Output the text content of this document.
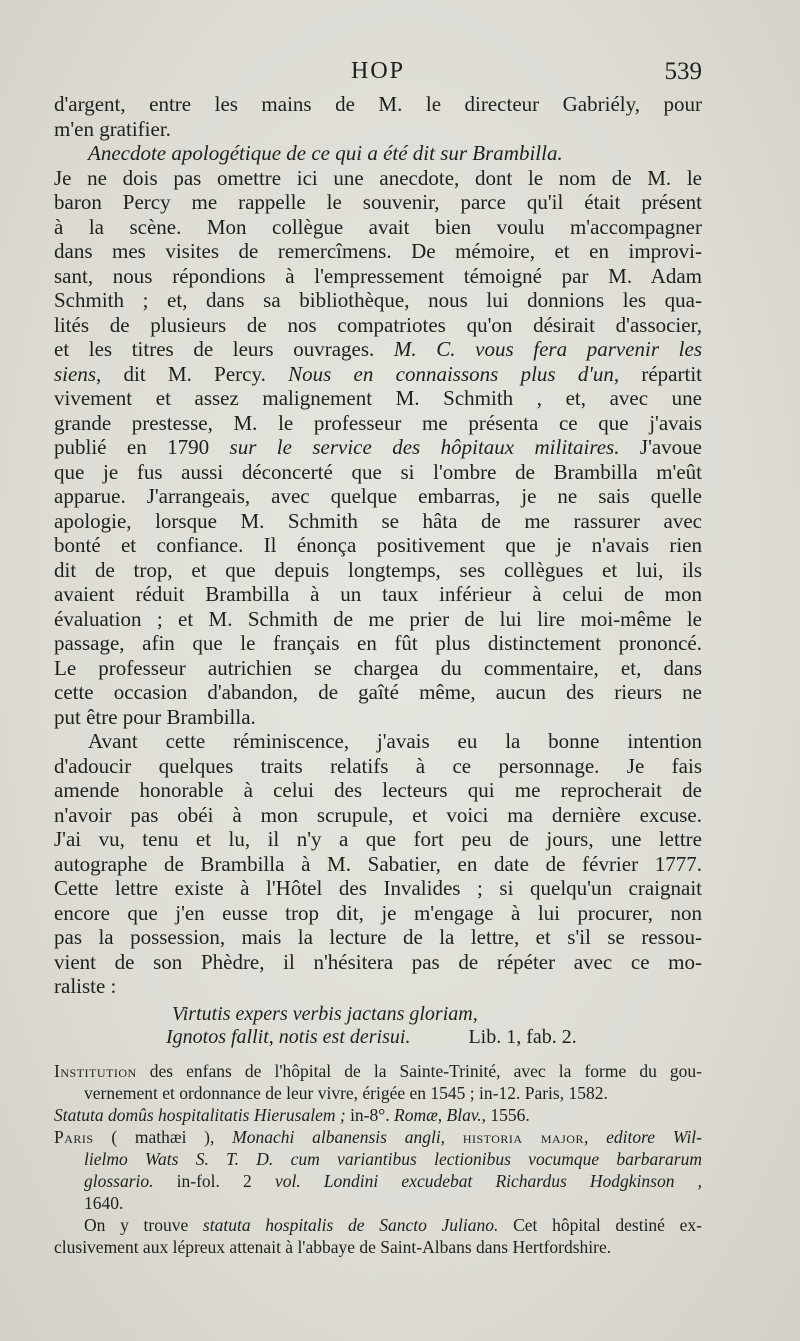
HOP	539
d'argent, entre les mains de M. le directeur Gabriély, pour
m'en gratifier.
Anecdote apologétique de ce qui a été dit sur Brambilla.
Je ne dois pas omettre ici une anecdote, dont le nom de M. le
baron Percy me rappelle le souvenir, parce qu'il était présent
à la scène. Mon collègue avait bien voulu m'accompagner
dans mes visites de remercîmens. De mémoire, et en improvi-
sant, nous répondions à l'empressement témoigné par M. Adam
Schmith ; et, dans sa bibliothèque, nous lui donnions les qua-
lités de plusieurs de nos compatriotes qu'on désirait d'associer,
et les titres de leurs ouvrages. M. C. vous fera parvenir les
siens, dit M. Percy. Nous en connaissons plus d'un, répartit
vivement et assez malignement M. Schmith , et, avec une
grande prestesse, M. le professeur me présenta ce que j'avais
publié en 1790 sur le service des hôpitaux militaires. J'avoue
que je fus aussi déconcerté que si l'ombre de Brambilla m'eût
apparue. J'arrangeais, avec quelque embarras, je ne sais quelle
apologie, lorsque M. Schmith se hâta de me rassurer avec
bonté et confiance. Il énonça positivement que je n'avais rien
dit de trop, et que depuis longtemps, ses collègues et lui, ils
avaient réduit Brambilla à un taux inférieur à celui de mon
évaluation ; et M. Schmith de me prier de lui lire moi-même le
passage, afin que le français en fût plus distinctement prononcé.
Le professeur autrichien se chargea du commentaire, et, dans
cette occasion d'abandon, de gaîté même, aucun des rieurs ne
put être pour Brambilla.
Avant cette réminiscence, j'avais eu la bonne intention
d'adoucir quelques traits relatifs à ce personnage. Je fais
amende honorable à celui des lecteurs qui me reprocherait de
n'avoir pas obéi à mon scrupule, et voici ma dernière excuse.
J'ai vu, tenu et lu, il n'y a que fort peu de jours, une lettre
autographe de Brambilla à M. Sabatier, en date de février 1777.
Cette lettre existe à l'Hôtel des Invalides ; si quelqu'un craignait
encore que j'en eusse trop dit, je m'engage à lui procurer, non
pas la possession, mais la lecture de la lettre, et s'il se ressou-
vient de son Phèdre, il n'hésitera pas de répéter avec ce mo-
raliste :
Virtutis expers verbis jactans gloriam,
Ignotos fallit, notis est derisui.	Lib. 1, fab. 2.

Institution des enfans de l'hôpital de la Sainte-Trinité, avec la forme du gou-
vernement et ordonnance de leur vivre, érigée en 1545 ; in-12. Paris, 1582.

Statuta domûs hospitalitatis Hierusalem ; in-8°. Romæ, Blav., 1556.

Paris ( mathæi ), Monachi albanensis angli, historia major, editore Wil-
lielmo Wats S. T. D. cum variantibus lectionibus vocumque barbararum
glossario. in-fol. 2 vol. Londini excudebat Richardus Hodgkinson ,
1640.

On y trouve statuta hospitalis de Sancto Juliano. Cet hôpital destiné ex-
clusivement aux lépreux attenait à l'abbaye de Saint-Albans dans Hertfordshire.
